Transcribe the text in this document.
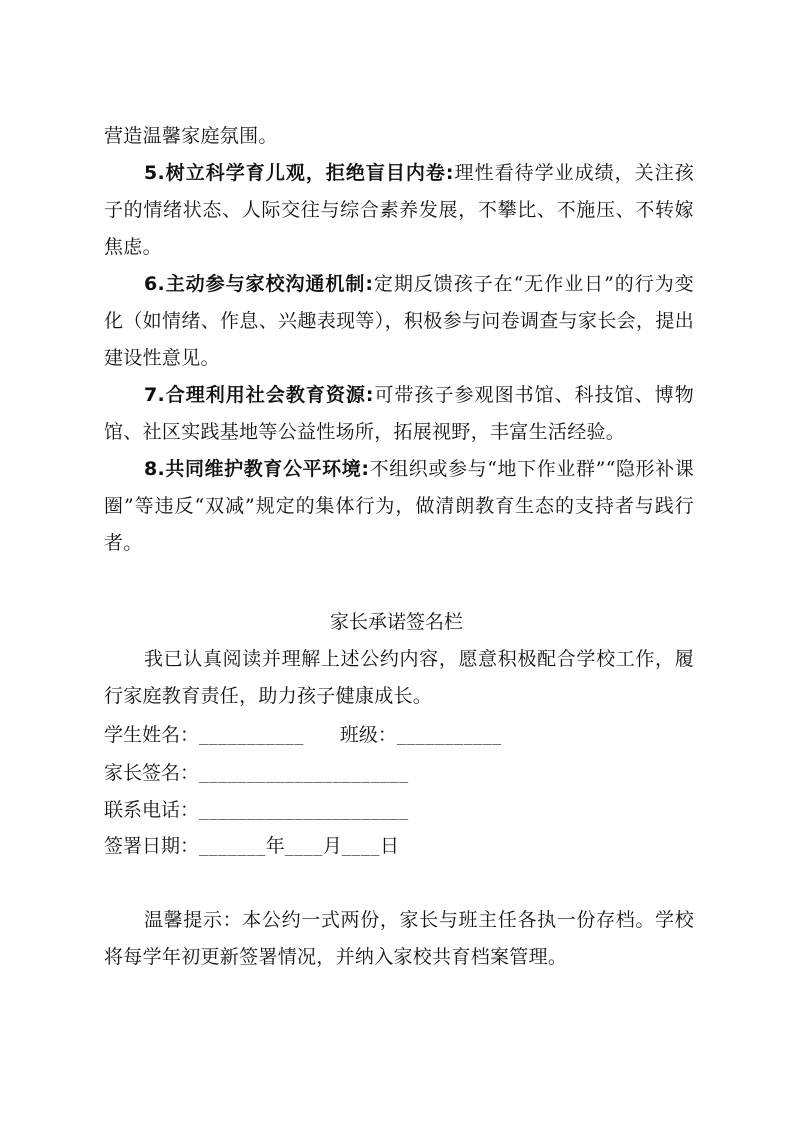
营造温馨家庭氛围。

5.树立科学育儿观，拒绝盲目内卷:理性看待学业成绩，关注孩子的情绪状态、人际交往与综合素养发展，不攀比、不施压、不转嫁焦虑。

6.主动参与家校沟通机制:定期反馈孩子在“无作业日”的行为变化（如情绪、作息、兴趣表现等），积极参与问卷调查与家长会，提出建设性意见。

7.合理利用社会教育资源:可带孩子参观图书馆、科技馆、博物馆、社区实践基地等公益性场所，拓展视野，丰富生活经验。

8.共同维护教育公平环境:不组织或参与“地下作业群”“隐形补课圈”等违反“双减”规定的集体行为，做清朗教育生态的支持者与践行者。

家长承诺签名栏

我已认真阅读并理解上述公约内容，愿意积极配合学校工作，履行家庭教育责任，助力孩子健康成长。

学生姓名：___________ 班级：___________

家长签名：______________________

联系电话：______________________

签署日期：_______年____月____日

温馨提示：本公约一式两份，家长与班主任各执一份存档。学校将每学年初更新签署情况，并纳入家校共育档案管理。
